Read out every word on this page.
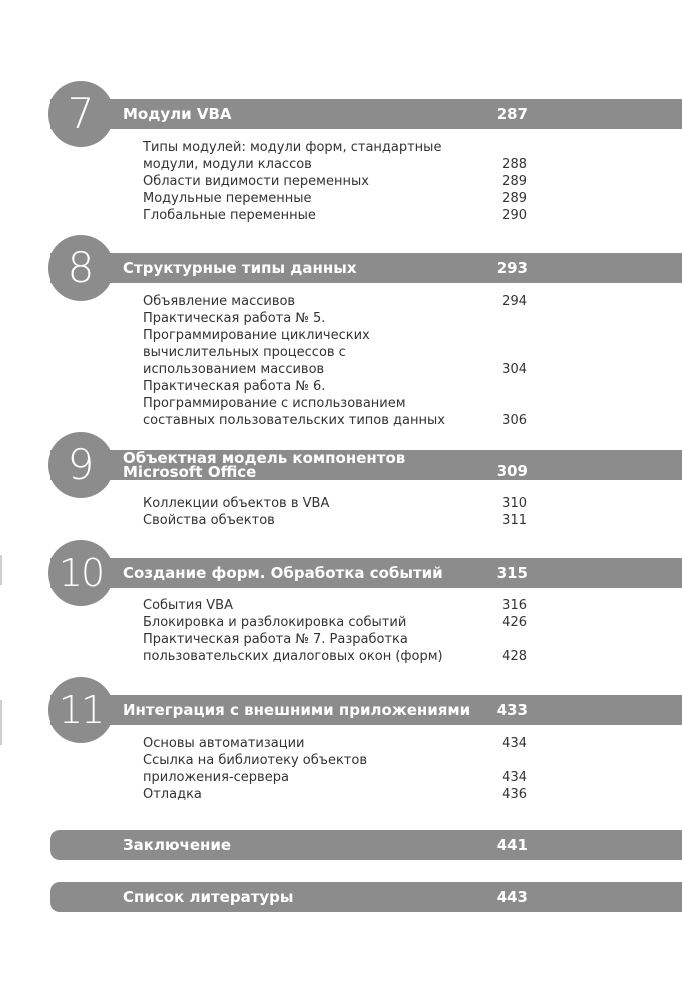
Модули VBA	287
7
Типы модулей: модули форм, стандартные модули, модули классов	288
Области видимости переменных	289
Модульные переменные	289
Глобальные переменные	290
Структурные типы данных	293
8
Объявление массивов	294
Практическая работа № 5. Программирование циклических вычислительных процессов с использованием массивов	304
Практическая работа № 6. Программирование с использованием составных пользовательских типов данных	306
Объектная модель компонентов Microsoft Office	309
9
Коллекции объектов в VBA	310
Свойства объектов	311
Создание форм. Обработка событий	315
10
События VBA	316
Блокировка и разблокировка событий	426
Практическая работа № 7. Разработка пользовательских диалоговых окон (форм)	428
Интеграция с внешними приложениями	433
11
Основы автоматизации	434
Ссылка на библиотеку объектов приложения-сервера	434
Отладка	436
Заключение	441
Список литературы	443
